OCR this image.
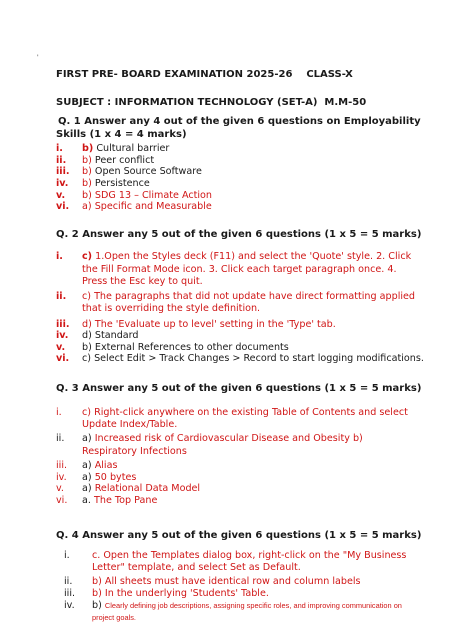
'
FIRST PRE- BOARD EXAMINATION 2025-26 CLASS-X
SUBJECT : INFORMATION TECHNOLOGY (SET-A) M.M-50
Q. 1 Answer any 4 out of the given 6 questions on Employability
Skills (1 x 4 = 4 marks)
i. b) Cultural barrier
ii. b) Peer conflict
iii. b) Open Source Software
iv. b) Persistence
v. b) SDG 13 – Climate Action
vi. a) Specific and Measurable
Q. 2 Answer any 5 out of the given 6 questions (1 x 5 = 5 marks)
i. c) 1.Open the Styles deck (F11) and select the 'Quote' style. 2. Click
the Fill Format Mode icon. 3. Click each target paragraph once. 4.
Press the Esc key to quit.
ii. c) The paragraphs that did not update have direct formatting applied
that is overriding the style definition.
iii. d) The 'Evaluate up to level' setting in the 'Type' tab.
iv. d) Standard
v. b) External References to other documents
vi. c) Select Edit > Track Changes > Record to start logging modifications.
Q. 3 Answer any 5 out of the given 6 questions (1 x 5 = 5 marks)
i. c) Right-click anywhere on the existing Table of Contents and select
Update Index/Table.
ii. a) Increased risk of Cardiovascular Disease and Obesity b)
Respiratory Infections
iii. a) Alias
iv. a) 50 bytes
v. a) Relational Data Model
vi. a. The Top Pane
Q. 4 Answer any 5 out of the given 6 questions (1 x 5 = 5 marks)
i. c. Open the Templates dialog box, right-click on the "My Business
Letter" template, and select Set as Default.
ii. b) All sheets must have identical row and column labels
iii. b) In the underlying 'Students' Table.
iv. b) Clearly defining job descriptions, assigning specific roles, and improving communication on
project goals.
